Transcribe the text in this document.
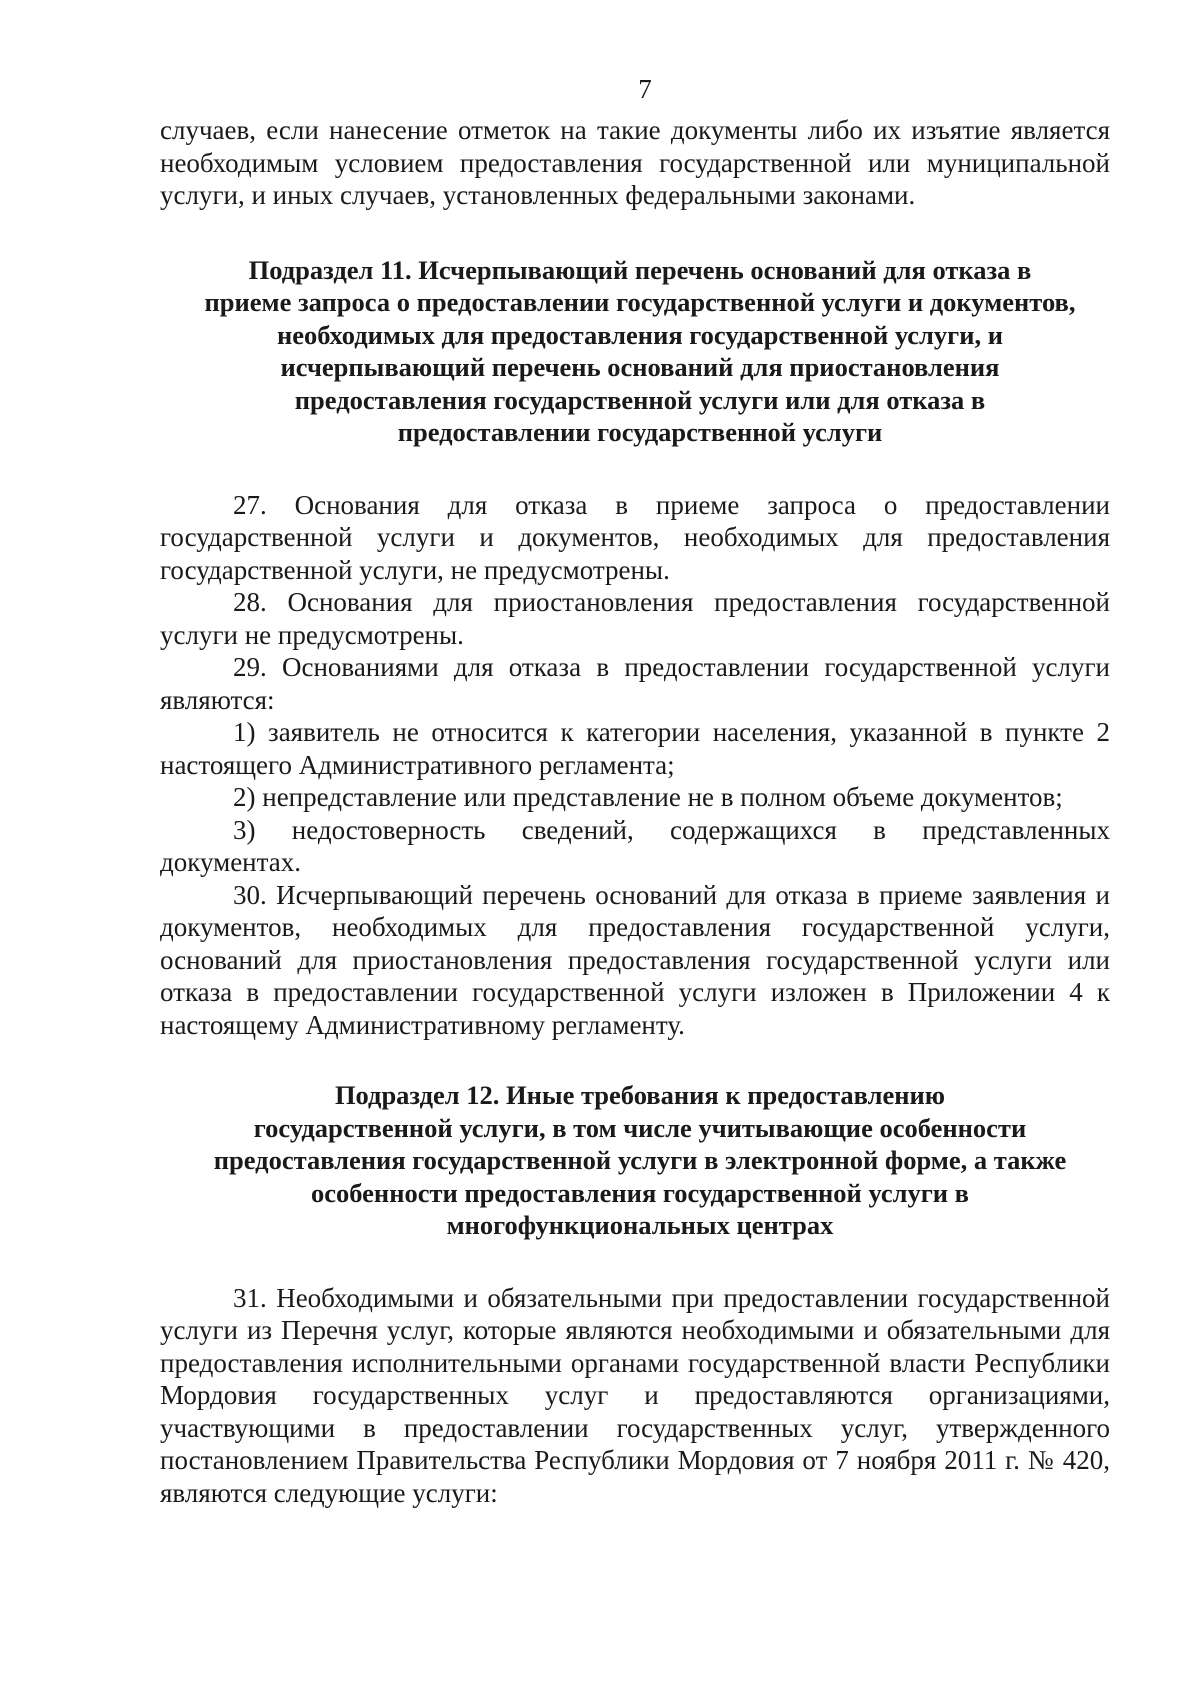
7

случаев, если нанесение отметок на такие документы либо их изъятие является необходимым условием предоставления государственной или муниципальной услуги, и иных случаев, установленных федеральными законами.

Подраздел 11. Исчерпывающий перечень оснований для отказа в
приеме запроса о предоставлении государственной услуги и документов,
необходимых для предоставления государственной услуги, и
исчерпывающий перечень оснований для приостановления
предоставления государственной услуги или для отказа в
предоставлении государственной услуги

27. Основания для отказа в приеме запроса о предоставлении государственной услуги и документов, необходимых для предоставления государственной услуги, не предусмотрены.

28. Основания для приостановления предоставления государственной услуги не предусмотрены.

29. Основаниями для отказа в предоставлении государственной услуги являются:

1) заявитель не относится к категории населения, указанной в пункте 2 настоящего Административного регламента;

2) непредставление или представление не в полном объеме документов;

3) недостоверность сведений, содержащихся в представленных документах.

30. Исчерпывающий перечень оснований для отказа в приеме заявления и документов, необходимых для предоставления государственной услуги, оснований для приостановления предоставления государственной услуги или отказа в предоставлении государственной услуги изложен в Приложении 4 к настоящему Административному регламенту.

Подраздел 12. Иные требования к предоставлению
государственной услуги, в том числе учитывающие особенности
предоставления государственной услуги в электронной форме, а также
особенности предоставления государственной услуги в
многофункциональных центрах

31. Необходимыми и обязательными при предоставлении государственной услуги из Перечня услуг, которые являются необходимыми и обязательными для предоставления исполнительными органами государственной власти Республики Мордовия государственных услуг и предоставляются организациями, участвующими в предоставлении государственных услуг, утвержденного постановлением Правительства Республики Мордовия от 7 ноября 2011 г. № 420, являются следующие услуги:
